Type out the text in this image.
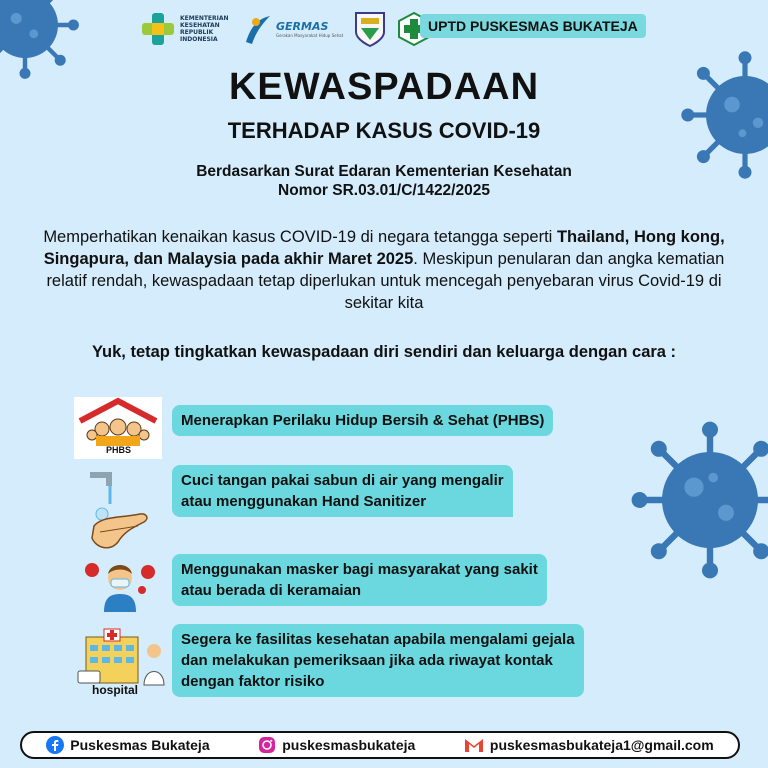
KEMENTERIAN
KESEHATAN
REPUBLIK
INDONESIA
GERMAS
Gerakan Masyarakat Hidup Sehat
UPTD PUSKESMAS BUKATEJA
KEWASPADAAN
TERHADAP KASUS COVID-19
Berdasarkan Surat Edaran Kementerian Kesehatan
Nomor SR.03.01/C/1422/2025
Memperhatikan kenaikan kasus COVID-19 di negara tetangga seperti Thailand, Hong kong, Singapura, dan Malaysia pada akhir Maret 2025. Meskipun penularan dan angka kematian relatif rendah, kewaspadaan tetap diperlukan untuk mencegah penyebaran virus Covid-19 di sekitar kita
Yuk, tetap tingkatkan kewaspadaan diri sendiri dan keluarga dengan cara :
PHBS
Menerapkan Perilaku Hidup Bersih & Sehat (PHBS)
Cuci tangan pakai sabun di air yang mengalir
atau menggunakan Hand Sanitizer
Menggunakan masker bagi masyarakat yang sakit
atau berada di keramaian
hospital
Segera ke fasilitas kesehatan apabila mengalami gejala
dan melakukan pemeriksaan jika ada riwayat kontak
dengan faktor risiko
Puskesmas Bukateja	puskesmasbukateja	puskesmasbukateja1@gmail.com
